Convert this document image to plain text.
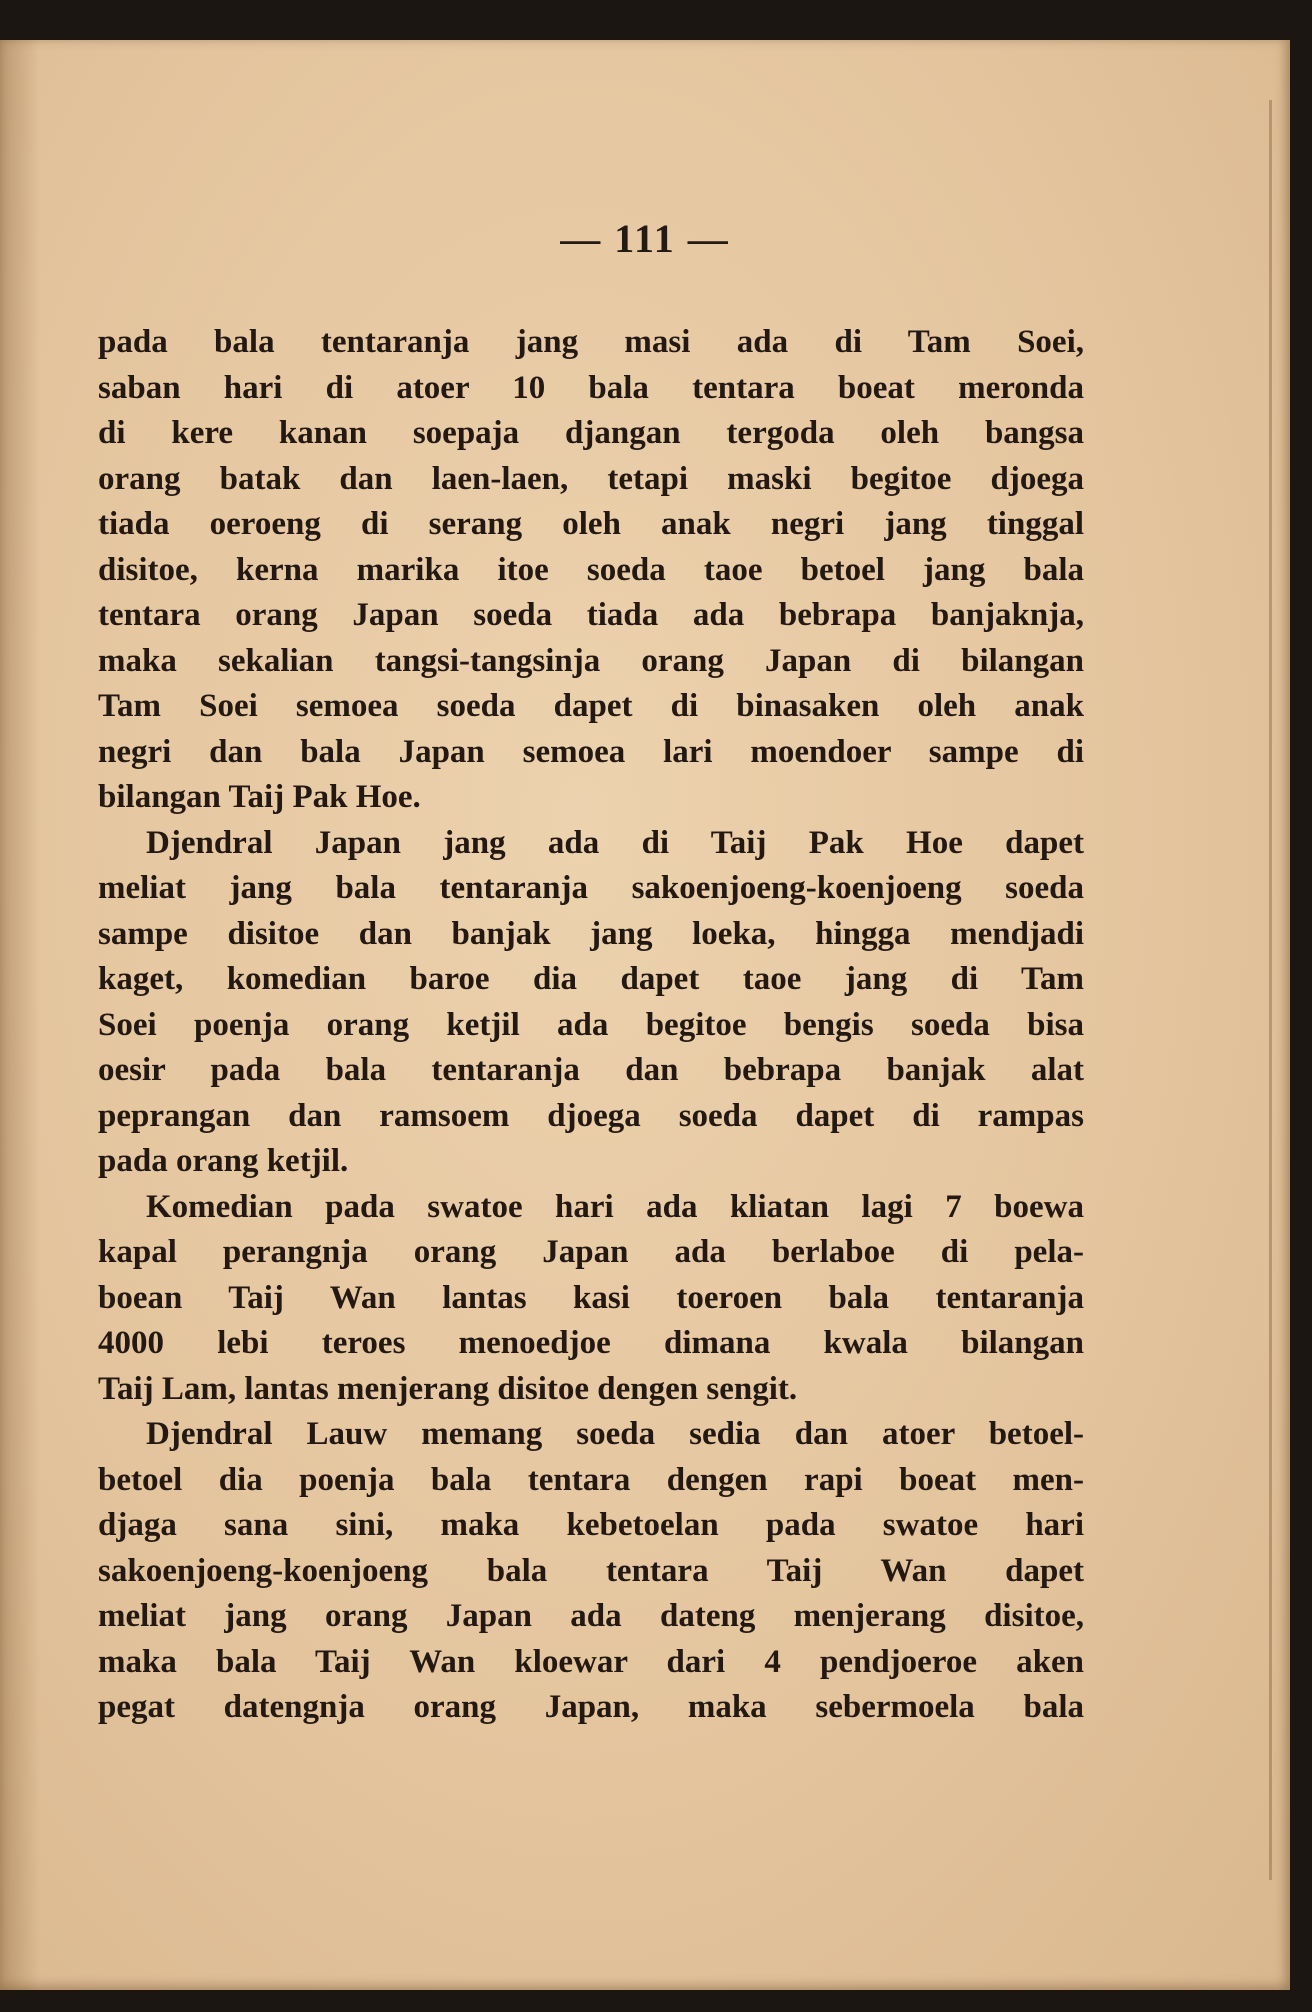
— 111 —
pada bala tentaranja jang masi ada di Tam Soei,
saban hari di atoer 10 bala tentara boeat meronda
di kere kanan soepaja djangan tergoda oleh bangsa
orang batak dan laen-laen, tetapi maski begitoe djoega
tiada oeroeng di serang oleh anak negri jang tinggal
disitoe, kerna marika itoe soeda taoe betoel jang bala
tentara orang Japan soeda tiada ada bebrapa banjaknja,
maka sekalian tangsi-tangsinja orang Japan di bilangan
Tam Soei semoea soeda dapet di binasaken oleh anak
negri dan bala Japan semoea lari moendoer sampe di
bilangan Taij Pak Hoe.
Djendral Japan jang ada di Taij Pak Hoe dapet
meliat jang bala tentaranja sakoenjoeng-koenjoeng soeda
sampe disitoe dan banjak jang loeka, hingga mendjadi
kaget, komedian baroe dia dapet taoe jang di Tam
Soei poenja orang ketjil ada begitoe bengis soeda bisa
oesir pada bala tentaranja dan bebrapa banjak alat
peprangan dan ramsoem djoega soeda dapet di rampas
pada orang ketjil.
Komedian pada swatoe hari ada kliatan lagi 7 boewa
kapal perangnja orang Japan ada berlaboe di pela-
boean Taij Wan lantas kasi toeroen bala tentaranja
4000 lebi teroes menoedjoe dimana kwala bilangan
Taij Lam, lantas menjerang disitoe dengen sengit.
Djendral Lauw memang soeda sedia dan atoer betoel-
betoel dia poenja bala tentara dengen rapi boeat men-
djaga sana sini, maka kebetoelan pada swatoe hari
sakoenjoeng-koenjoeng bala tentara Taij Wan dapet
meliat jang orang Japan ada dateng menjerang disitoe,
maka bala Taij Wan kloewar dari 4 pendjoeroe aken
pegat datengnja orang Japan, maka sebermoela bala
